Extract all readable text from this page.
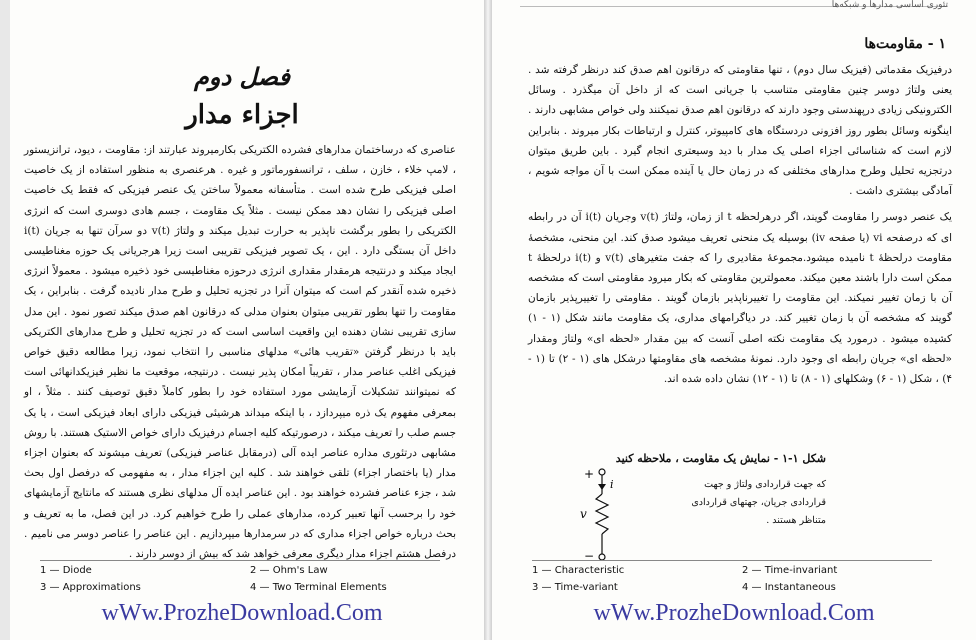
فصل دوم
اجزاء مدار

عناصری که درساختمان مدارهای فشرده الکتریکی بکارمیروند عبارتند از: مقاومت ، دیود، ترانزیستور ، لامپ خلاء ، خازن ، سلف ، ترانسفورماتور و غیره . هرعنصری به منظور استفاده از یک خاصیت اصلی فیزیکی طرح شده است . متأسفانه معمولاً ساختن یک عنصر فیزیکی که فقط یک خاصیت اصلی فیزیکی را نشان دهد ممکن نیست . مثلاً یک مقاومت ، جسم هادی دوسری است که انرژی الکتریکی را بطور برگشت ناپذیر به حرارت تبدیل میکند و ولتاژ v(t) دو سرآن تنها به جریان i(t) داخل آن بستگی دارد . این ، یک تصویر فیزیکی تقریبی است زیرا هرجریانی یک حوزه مغناطیسی ایجاد میکند و درنتیجه هرمقدار مقداری انرژی درحوزه مغناطیسی خود ذخیره میشود . معمولاً انرژی ذخیره شده آنقدر کم است که میتوان آنرا در تجزیه تحلیل و طرح مدار نادیده گرفت . بنابراین ، یک مقاومت را تنها بطور تقریبی میتوان بعنوان مدلی که درقانون اهم صدق میکند تصور نمود . این مدل سازی تقریبی نشان دهنده این واقعیت اساسی است که در تجزیه تحلیل و طرح مدارهای الکتریکی باید با درنظر گرفتن «تقریب هائی» مدلهای مناسبی را انتخاب نمود، زیرا مطالعه دقیق خواص فیزیکی اغلب عناصر مدار ، تقریباً امکان پذیر نیست . درنتیجه، موقعیت ما نظیر فیزیکدانهائی است که نمیتوانند تشکیلات آزمایشی مورد استفاده خود را بطور کاملاً دقیق توصیف کنند . مثلاً ، او بمعرفی مفهوم یک ذره میپردازد ، با اینکه میداند هرشیئی فیزیکی دارای ابعاد فیزیکی است ، یا یک جسم صلب را تعریف میکند ، درصورتیکه کلیه اجسام درفیزیک دارای خواص الاستیک هستند. با روش مشابهی درتئوری مداره عناصر ایده آلی (درمقابل عناصر فیزیکی) تعریف میشوند که بعنوان اجزاء مدار (یا باختصار اجزاء) تلقی خواهند شد . کلیه این اجزاء مدار ، به مفهومی که درفصل اول بحث شد ، جزء عناصر فشرده خواهند بود . این عناصر ایده آل مدلهای نظری هستند که مانتایج آزمایشهای خود را برحسب آنها تعبیر کرده، مدارهای عملی را طرح خواهیم کرد. در این فصل، ما به تعریف و بحث درباره خواص اجزاء مداری که در سرمدارها میپردازیم . این عناصر را عناصر دوسر می نامیم . درفصل هشتم اجزاء مدار دیگری معرفی خواهد شد که بیش از دوسر دارند .

1 — Diode	2 — Ohm's Law
3 — Approximations	4 — Two Terminal Elements
wWw.ProzheDownload.Com
تئوری اساسی مدارها و شبکه‌ها
۱ - مقاومت‌ها

درفیزیک مقدماتی (فیزیک سال دوم) ، تنها مقاومتی که درقانون اهم صدق کند درنظر گرفته شد . یعنی ولتاژ دوسر چنین مقاومتی متناسب با جریانی است که از داخل آن میگذرد . وسائل الکترونیکی زیادی درپهندستی وجود دارند که درقانون اهم صدق نمیکنند ولی خواص مشابهی دارند . اینگونه وسائل بطور روز افزونی دردستگاه های کامپیوتر، کنترل و ارتباطات بکار میروند . بنابراین لازم است که شناسائی اجزاء اصلی یک مدار با دید وسیعتری انجام گیرد . باین طریق میتوان درتجزیه تحلیل وطرح مدارهای مختلفی که در زمان حال یا آینده ممکن است با آن مواجه شویم ، آمادگی بیشتری داشت .

یک عنصر دوسر را مقاومت گویند، اگر درهرلحظه t از زمان، ولتاژ v(t) وجریان i(t) آن در رابطه ای که درصفحه vi (یا صفحه iv) بوسیله یک منحنی تعریف میشود صدق کند. این منحنی، مشخصهٔ مقاومت درلحظهٔ t نامیده میشود.مجموعهٔ مقادیری را که جفت متغیرهای v(t) و i(t) درلحظهٔ t ممکن است دارا باشند معین میکند. معمولترین مقاومتی که بکار میرود مقاومتی است که مشخصه آن با زمان تغییر نمیکند. این مقاومت را تغییرناپذیر بازمان گویند . مقاومتی را تغییرپذیر بازمان گویند که مشخصه آن با زمان تغییر کند. در دیاگرامهای مداری، یک مقاومت مانند شکل (۱ - ۱) کشیده میشود . درمورد یک مقاومت نکته اصلی آنست که بین مقدار «لحظه ای» ولتاژ ومقدار «لحظه ای» جریان رابطه ای وجود دارد. نمونهٔ مشخصه های مقاومتها درشکل های (۱ - ۲) تا (۱ - ۴) ، شکل (۱ - ۶) وشکلهای (۱ - ۸) تا (۱ - ۱۲) نشان داده شده اند.

+
−
v
i
شکل ۱-۱ - نمایش یک مقاومت ، ملاحظه کنید
که جهت قراردادی ولتاژ و جهت قراردادی جریان، جهتهای قراردادی متناظر هستند .
1 — Characteristic	2 — Time-invariant
3 — Time-variant	4 — Instantaneous
wWw.ProzheDownload.Com
